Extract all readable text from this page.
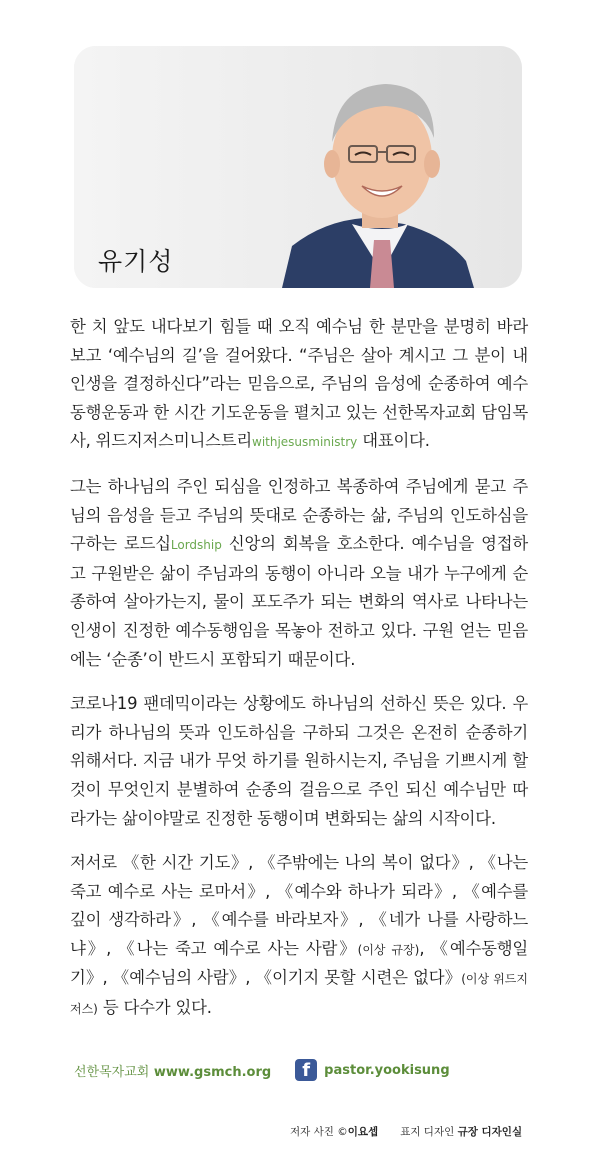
유기성

한 치 앞도 내다보기 힘들 때 오직 예수님 한 분만을 분명히 바라보고 ‘예수님의 길’을 걸어왔다. “주님은 살아 계시고 그 분이 내 인생을 결정하신다”라는 믿음으로, 주님의 음성에 순종하여 예수동행운동과 한 시간 기도운동을 펼치고 있는 선한목자교회 담임목사, 위드지저스미니스트리withjesusministry 대표이다.

그는 하나님의 주인 되심을 인정하고 복종하여 주님에게 묻고 주님의 음성을 듣고 주님의 뜻대로 순종하는 삶, 주님의 인도하심을 구하는 로드십Lordship 신앙의 회복을 호소한다. 예수님을 영접하고 구원받은 삶이 주님과의 동행이 아니라 오늘 내가 누구에게 순종하여 살아가는지, 물이 포도주가 되는 변화의 역사로 나타나는 인생이 진정한 예수동행임을 목놓아 전하고 있다. 구원 얻는 믿음에는 ‘순종’이 반드시 포함되기 때문이다.

코로나19 팬데믹이라는 상황에도 하나님의 선하신 뜻은 있다. 우리가 하나님의 뜻과 인도하심을 구하되 그것은 온전히 순종하기 위해서다. 지금 내가 무엇 하기를 원하시는지, 주님을 기쁘시게 할 것이 무엇인지 분별하여 순종의 걸음으로 주인 되신 예수님만 따라가는 삶이야말로 진정한 동행이며 변화되는 삶의 시작이다.

저서로 《한 시간 기도》, 《주밖에는 나의 복이 없다》, 《나는 죽고 예수로 사는 로마서》, 《예수와 하나가 되라》, 《예수를 깊이 생각하라》, 《예수를 바라보자》, 《네가 나를 사랑하느냐》, 《나는 죽고 예수로 사는 사람》(이상 규장), 《예수동행일기》, 《예수님의 사람》, 《이기지 못할 시련은 없다》(이상 위드지저스) 등 다수가 있다.

선한목자교회 www.gsmch.org	f	pastor.yookisung
저자 사진 ©이요셉 표지 디자인 규장 디자인실
